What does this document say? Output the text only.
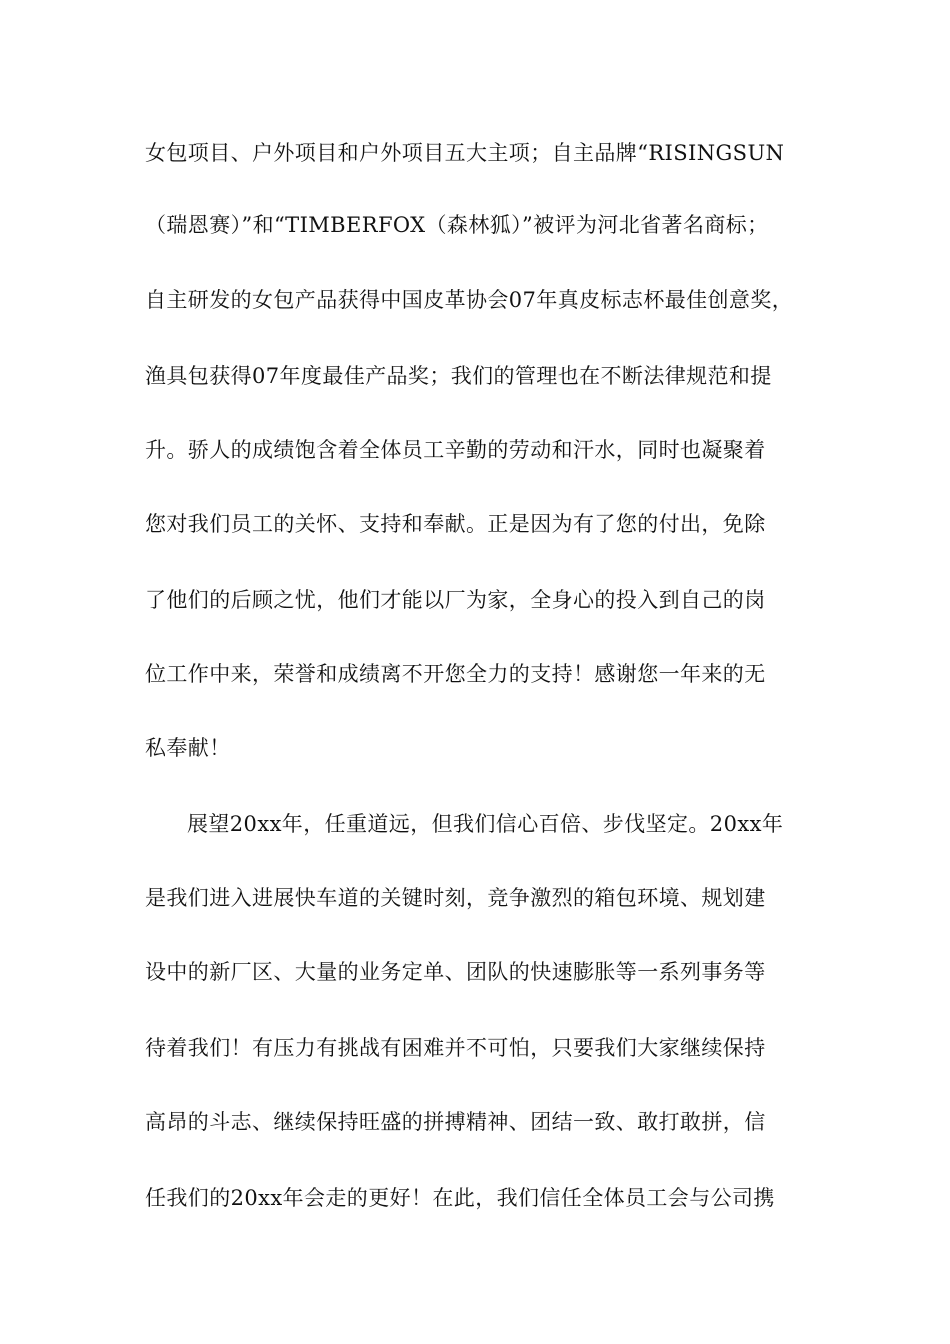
女包项目、户外项目和户外项目五大主项；自主品牌“RISINGSUN
（瑞恩赛）”和“TIMBERFOX（森林狐）”被评为河北省著名商标；
自主研发的女包产品获得中国皮革协会07年真皮标志杯最佳创意奖，
渔具包获得07年度最佳产品奖；我们的管理也在不断法律规范和提
升。骄人的成绩饱含着全体员工辛勤的劳动和汗水，同时也凝聚着
您对我们员工的关怀、支持和奉献。正是因为有了您的付出，免除
了他们的后顾之忧，他们才能以厂为家，全身心的投入到自己的岗
位工作中来，荣誉和成绩离不开您全力的支持！感谢您一年来的无
私奉献！
展望20xx年，任重道远，但我们信心百倍、步伐坚定。20xx年
是我们进入进展快车道的关键时刻，竞争激烈的箱包环境、规划建
设中的新厂区、大量的业务定单、团队的快速膨胀等一系列事务等
待着我们！有压力有挑战有困难并不可怕，只要我们大家继续保持
高昂的斗志、继续保持旺盛的拼搏精神、团结一致、敢打敢拼，信
任我们的20xx年会走的更好！在此，我们信任全体员工会与公司携
